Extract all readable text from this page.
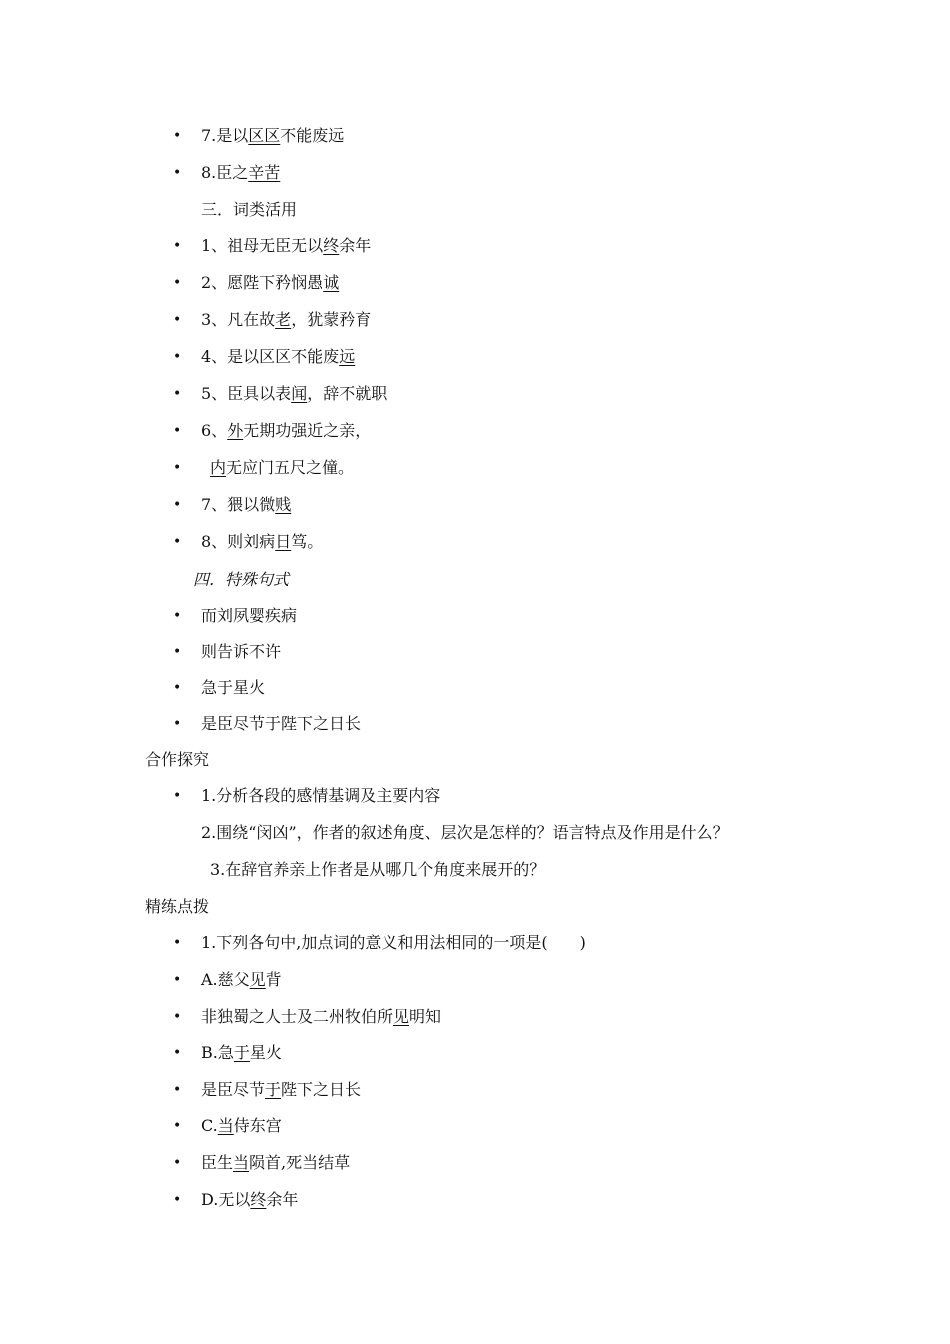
• 7.是以区区不能废远
• 8.臣之辛苦
三．词类活用
• 1、祖母无臣无以终余年
• 2、愿陛下矜悯愚诚
• 3、凡在故老，犹蒙矜育
• 4、是以区区不能废远
• 5、臣具以表闻，辞不就职
• 6、外无期功强近之亲，
• 内无应门五尺之僮。
• 7、猥以微贱
• 8、则刘病日笃。
四．特殊句式
• 而刘夙婴疾病
• 则告诉不许
• 急于星火
• 是臣尽节于陛下之日长
合作探究
• 1.分析各段的感情基调及主要内容
2.围绕“闵凶”，作者的叙述角度、层次是怎样的？语言特点及作用是什么？
3.在辞官养亲上作者是从哪几个角度来展开的？
精练点拨
• 1.下列各句中,加点词的意义和用法相同的一项是(　　)
• A.慈父见背
• 非独蜀之人士及二州牧伯所见明知
• B.急于星火
• 是臣尽节于陛下之日长
• C.当侍东宫
• 臣生当陨首,死当结草
• D.无以终余年
